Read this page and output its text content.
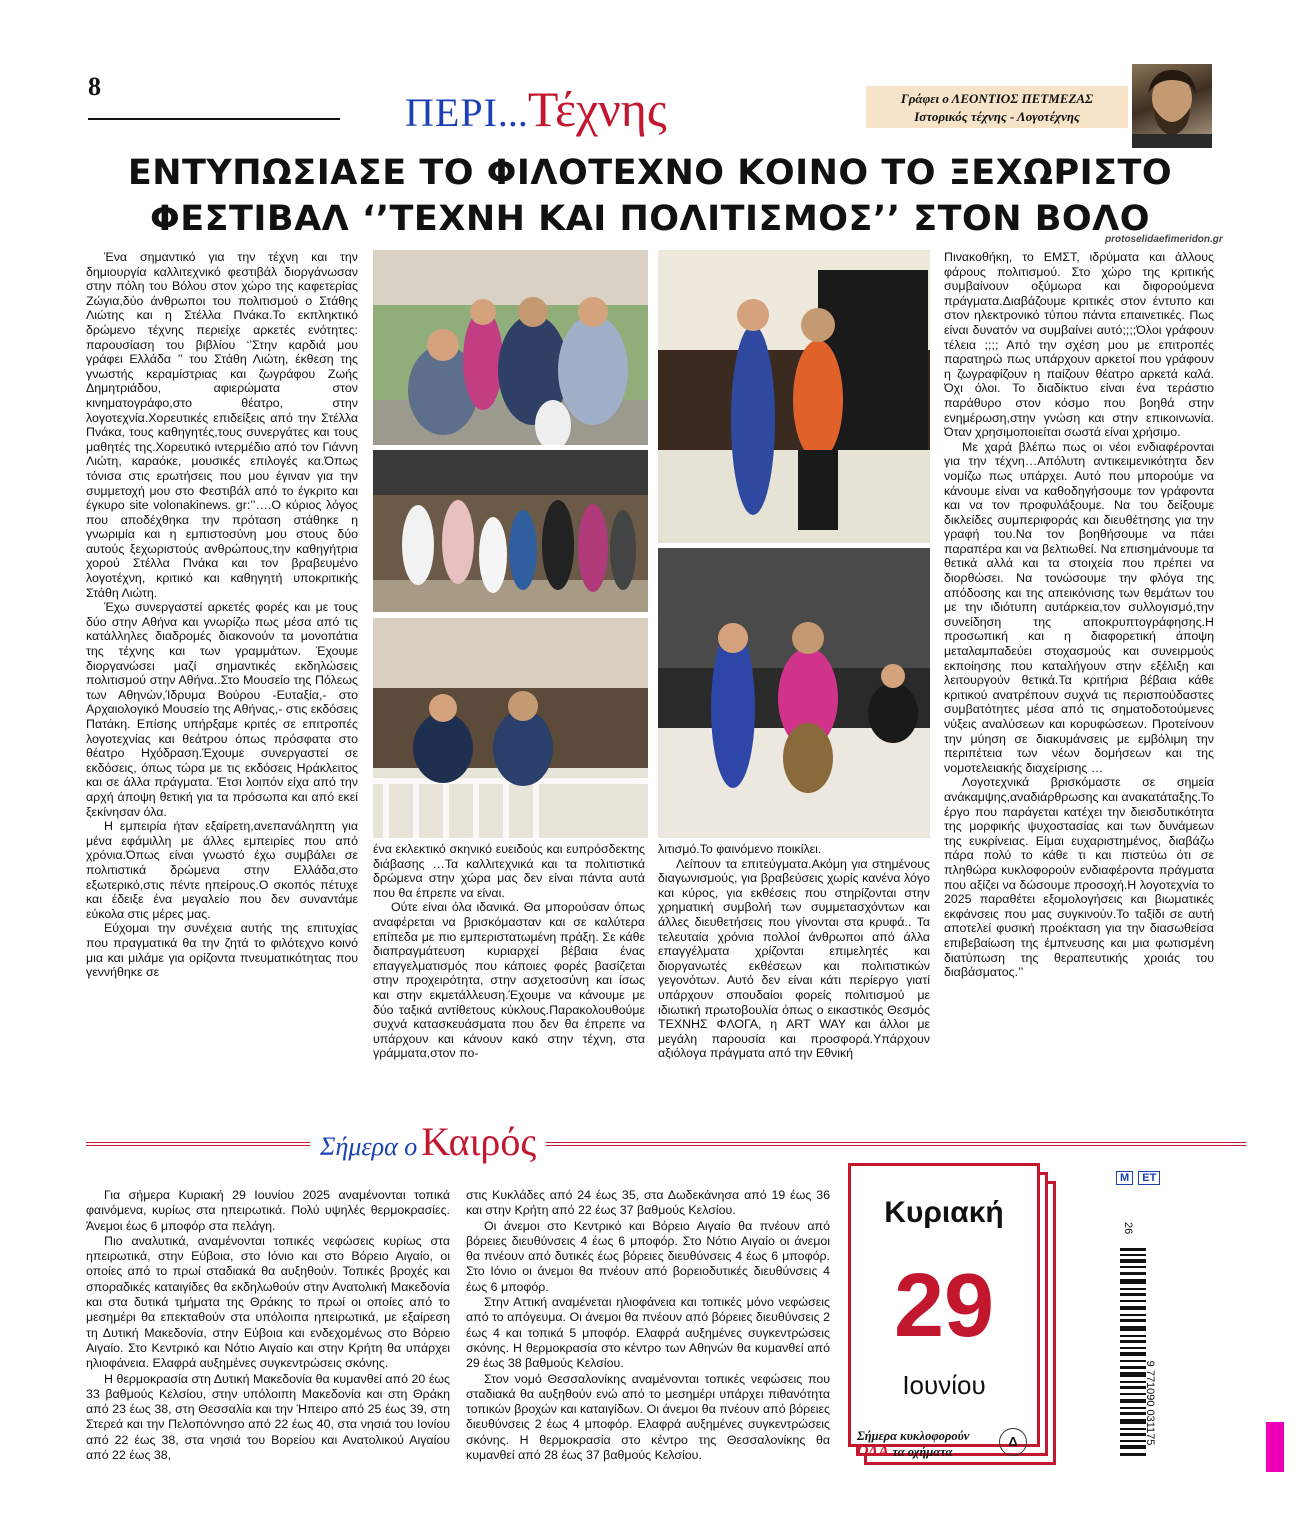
8
ΠΕΡΙ...Τέχνης	Γράφει ο ΛΕΟΝΤΙΟΣ ΠΕΤΜΕΖΑΣ
Ιστορικός τέχνης - Λογοτέχνης
ΕΝΤΥΠΩΣΙΑΣΕ ΤΟ ΦΙΛΟΤΕΧΝΟ ΚΟΙΝΟ ΤΟ ΞΕΧΩΡΙΣΤΟ
ΦΕΣΤΙΒΑΛ ‘’ΤΕΧΝΗ ΚΑΙ ΠΟΛΙΤΙΣΜΟΣ’’ ΣΤΟΝ ΒΟΛΟ
protoselidaefimeridon.gr

Ένα σημαντικό για την τέχνη και την δημιουργία καλλιτεχνικό φεστιβάλ διοργάνωσαν στην πόλη του Βόλου στον χώρο της καφετερίας Ζώγια,δύο άνθρωποι του πολιτισμού ο Στάθης Λιώτης και η Στέλλα Πνάκα.Το εκπληκτικό δρώμενο τέχνης περιείχε αρκετές ενότητες: παρουσίαση του βιβλίου ‘’Στην καρδιά μου γράφει Ελλάδα ’’ του Στάθη Λιώτη, έκθεση της γνωστής κεραμίστριας και ζωγράφου Ζωής Δημητριάδου, αφιερώματα στον κινηματογράφο,στο θέατρο, στην λογοτεχνία.Χορευτικές επιδείξεις από την Στέλλα Πνάκα, τους καθηγητές,τους συνεργάτες και τους μαθητές της.Χορευτικό ιντερμέδιο από τον Γιάννη Λιώτη, καραόκε, μουσικές επιλογές κα.Όπως τόνισα στις ερωτήσεις που μου έγιναν για την συμμετοχή μου στο Φεστιβάλ από το έγκριτο και έγκυρο site volonakinews. gr:’’….Ο κύριος λόγος που αποδέχθηκα την πρόταση στάθηκε η γνωριμία και η εμπιστοσύνη μου στους δύο αυτούς ξεχωριστούς ανθρώπους,την καθηγήτρια χορού Στέλλα Πνάκα και τον βραβευμένο λογοτέχνη, κριτικό και καθηγητή υποκριτικής Στάθη Λιώτη.

Έχω συνεργαστεί αρκετές φορές και με τους δύο στην Αθήνα και γνωρίζω πως μέσα από τις κατάλληλες διαδρομές διακονούν τα μονοπάτια της τέχνης και των γραμμάτων. Έχουμε διοργανώσει μαζί σημαντικές εκδηλώσεις πολιτισμού στην Αθήνα..Στο Μουσείο της Πόλεως των Αθηνών,Ίδρυμα Βούρου -Ευταξία,- στο Αρχαιολογικό Μουσείο της Αθήνας,- στις εκδόσεις Πατάκη. Επίσης υπήρξαμε κριτές σε επιτροπές λογοτεχνίας και θεάτρου όπως πρόσφατα στο θέατρο Ηχόδραση.Έχουμε συνεργαστεί σε εκδόσεις, όπως τώρα με τις εκδόσεις Ηράκλειτος και σε άλλα πράγματα. Έτσι λοιπόν είχα από την αρχή άποψη θετική για τα πρόσωπα και από εκεί ξεκίνησαν όλα.

Η εμπειρία ήταν εξαίρετη,ανεπανάληπτη για μένα εφάμιλλη με άλλες εμπειρίες που από χρόνια.Όπως είναι γνωστό έχω συμβάλει σε πολιτιστικά δρώμενα στην Ελλάδα,στο εξωτερικό,στις πέντε ηπείρους.Ο σκοπός πέτυχε και έδειξε ένα μεγαλείο που δεν συναντάμε εύκολα στις μέρες μας.

Εύχομαι την συνέχεια αυτής της επιτυχίας που πραγματικά θα την ζητά το φιλότεχνο κοινό μια και μιλάμε για ορίζοντα πνευματικότητας που γεννήθηκε σε

ένα εκλεκτικό σκηνικό ευειδούς και ευπρόσδεκτης διάβασης …Τα καλλιτεχνικά και τα πολιτιστικά δρώμενα στην χώρα μας δεν είναι πάντα αυτά που θα έπρεπε να είναι.

Ούτε είναι όλα ιδανικά. Θα μπορούσαν όπως αναφέρεται να βρισκόμασταν και σε καλύτερα επίπεδα με πιο εμπεριστατωμένη πράξη. Σε κάθε διαπραγμάτευση κυριαρχεί βέβαια ένας επαγγελματισμός που κάποιες φορές βασίζεται στην προχειρότητα, στην ασχετοσύνη και ίσως και στην εκμετάλλευση.Έχουμε να κάνουμε με δύο ταξικά αντίθετους κύκλους.Παρακολουθούμε συχνά κατασκευάσματα που δεν θα έπρεπε να υπάρχουν και κάνουν κακό στην τέχνη, στα γράμματα,στον πο-

λιτισμό.Το φαινόμενο ποικίλει.

Λείπουν τα επιτεύγματα.Ακόμη για στημένους διαγωνισμούς, για βραβεύσεις χωρίς κανένα λόγο και κύρος, για εκθέσεις που στηρίζονται στην χρηματική συμβολή των συμμετασχόντων και άλλες διευθετήσεις που γίνονται στα κρυφά.. Τα τελευταία χρόνια πολλοί άνθρωποι από άλλα επαγγέλματα χρίζονται επιμελητές και διοργανωτές εκθέσεων και πολιτιστικών γεγονότων. Αυτό δεν είναι κάτι περίεργο γιατί υπάρχουν σπουδαίοι φορείς πολιτισμού με ιδιωτική πρωτοβουλία όπως ο εικαστικός Θεσμός ΤΕΧΝΗΣ ΦΛΟΓΑ, η ART WAY και άλλοι με μεγάλη παρουσία και προσφορά.Υπάρχουν αξιόλογα πράγματα από την Εθνική

Πινακοθήκη, το ΕΜΣΤ, ιδρύματα και άλλους φάρους πολιτισμού. Στο χώρο της κριτικής συμβαίνουν οξύμωρα και διφορούμενα πράγματα.Διαβάζουμε κριτικές στον έντυπο και στον ηλεκτρονικό τύπου πάντα επαινετικές. Πως είναι δυνατόν να συμβαίνει αυτό;;;;Όλοι γράφουν τέλεια ;;;; Από την σχέση μου με επιτροπές παρατηρώ πως υπάρχουν αρκετοί που γράφουν η ζωγραφίζουν η παίζουν θέατρο αρκετά καλά. Όχι όλοι. Το διαδίκτυο είναι ένα τεράστιο παράθυρο στον κόσμο που βοηθά στην ενημέρωση,στην γνώση και στην επικοινωνία. Όταν χρησιμοποιείται σωστά είναι χρήσιμο.

Με χαρά βλέπω πως οι νέοι ενδιαφέρονται για την τέχνη…Απόλυτη αντικειμενικότητα δεν νομίζω πως υπάρχει. Αυτό που μπορούμε να κάνουμε είναι να καθοδηγήσουμε τον γράφοντα και να τον προφυλάξουμε. Να του δείξουμε δικλείδες συμπεριφοράς και διευθέτησης για την γραφή του.Να τον βοηθήσουμε να πάει παραπέρα και να βελτιωθεί. Να επισημάνουμε τα θετικά αλλά και τα στοιχεία που πρέπει να διορθώσει. Να τονώσουμε την φλόγα της απόδοσης και της απεικόνισης των θεμάτων του με την ιδιότυπη αυτάρκεια,τον συλλογισμό,την συνείδηση της αποκρυπτογράφησης.Η προσωπική και η διαφορετική άποψη μεταλαμπαδεύει στοχασμούς και συνειρμούς εκποίησης που καταλήγουν στην εξέλιξη και λειτουργούν θετικά.Τα κριτήρια βέβαια κάθε κριτικού ανατρέπουν συχνά τις περισπούδαστες συμβατότητες μέσα από τις σηματοδοτούμενες νύξεις αναλύσεων και κορυφώσεων. Προτείνουν την μύηση σε διακυμάνσεις με εμβόλιμη την περιπέτεια των νέων δομήσεων και της νομοτελειακής διαχείρισης …

Λογοτεχνικά βρισκόμαστε σε σημεία ανάκαμψης,αναδιάρθρωσης και ανακατάταξης.Το έργο που παράγεται κατέχει την διεισδυτικότητα της μορφικής ψυχοστασίας και των δυνάμεων της ευκρίνειας. Είμαι ευχαριστημένος, διαβάζω πάρα πολύ το κάθε τι και πιστεύω ότι σε πληθώρα κυκλοφορούν ενδιαφέροντα πράγματα που αξίζει να δώσουμε προσοχή.Η λογοτεχνία το 2025 παραθέτει εξομολογήσεις και βιωματικές εκφάνσεις που μας συγκινούν.Το ταξίδι σε αυτή αποτελεί φυσική προέκταση για την διασωθείσα επιβεβαίωση της έμπνευσης και μια φωτισμένη διατύπωση της θεραπευτικής χροιάς του διαβάσματος.’’

Σήμερα ο Καιρός

Για σήμερα Κυριακή 29 Ιουνίου 2025 αναμένονται τοπικά φαινόμενα, κυρίως στα ηπειρωτικά. Πολύ υψηλές θερμοκρασίες. Άνεμοι έως 6 μποφόρ στα πελάγη.

Πιο αναλυτικά, αναμένονται τοπικές νεφώσεις κυρίως στα ηπειρωτικά, στην Εύβοια, στο Ιόνιο και στο Βόρειο Αιγαίο, οι οποίες από το πρωί σταδιακά θα αυξηθούν. Τοπικές βροχές και σποραδικές καταιγίδες θα εκδηλωθούν στην Ανατολική Μακεδονία και στα δυτικά τμήματα της Θράκης το πρωί οι οποίες από το μεσημέρι θα επεκταθούν στα υπόλοιπα ηπειρωτικά, με εξαίρεση τη Δυτική Μακεδονία, στην Εύβοια και ενδεχομένως στο Βόρειο Αιγαίο. Στο Κεντρικό και Νότιο Αιγαίο και στην Κρήτη θα υπάρχει ηλιοφάνεια. Ελαφρά αυξημένες συγκεντρώσεις σκόνης.

Η θερμοκρασία στη Δυτική Μακεδονία θα κυμανθεί από 20 έως 33 βαθμούς Κελσίου, στην υπόλοιπη Μακεδονία και στη Θράκη από 23 έως 38, στη Θεσσαλία και την Ήπειρο από 25 έως 39, στη Στερεά και την Πελοπόννησο από 22 έως 40, στα νησιά του Ιονίου από 22 έως 38, στα νησιά του Βορείου και Ανατολικού Αιγαίου από 22 έως 38,

στις Κυκλάδες από 24 έως 35, στα Δωδεκάνησα από 19 έως 36 και στην Κρήτη από 22 έως 37 βαθμούς Κελσίου.

Οι άνεμοι στο Κεντρικό και Βόρειο Αιγαίο θα πνέουν από βόρειες διευθύνσεις 4 έως 6 μποφόρ. Στο Νότιο Αιγαίο οι άνεμοι θα πνέουν από δυτικές έως βόρειες διευθύνσεις 4 έως 6 μποφόρ. Στο Ιόνιο οι άνεμοι θα πνέουν από βορειοδυτικές διευθύνσεις 4 έως 6 μποφόρ.

Στην Αττική αναμένεται ηλιοφάνεια και τοπικές μόνο νεφώσεις από το απόγευμα. Οι άνεμοι θα πνέουν από βόρειες διευθύνσεις 2 έως 4 και τοπικά 5 μποφόρ. Ελαφρά αυξημένες συγκεντρώσεις σκόνης. Η θερμοκρασία στο κέντρο των Αθηνών θα κυμανθεί από 29 έως 38 βαθμούς Κελσίου.

Στον νομό Θεσσαλονίκης αναμένονται τοπικές νεφώσεις που σταδιακά θα αυξηθούν ενώ από το μεσημέρι υπάρχει πιθανότητα τοπικών βροχών και καταιγίδων. Οι άνεμοι θα πνέουν από βόρειες διευθύνσεις 2 έως 4 μποφόρ. Ελαφρά αυξημένες συγκεντρώσεις σκόνης. Η θερμοκρασία στο κέντρο της Θεσσαλονίκης θα κυμανθεί από 28 έως 37 βαθμούς Κελσίου.

Κυριακή
29
Ιουνίου
Σήμερα κυκλοφορούν
ΟΛΑ τα οχήματα
Δ
Μ ΕΤ
26
9 771090 031175
